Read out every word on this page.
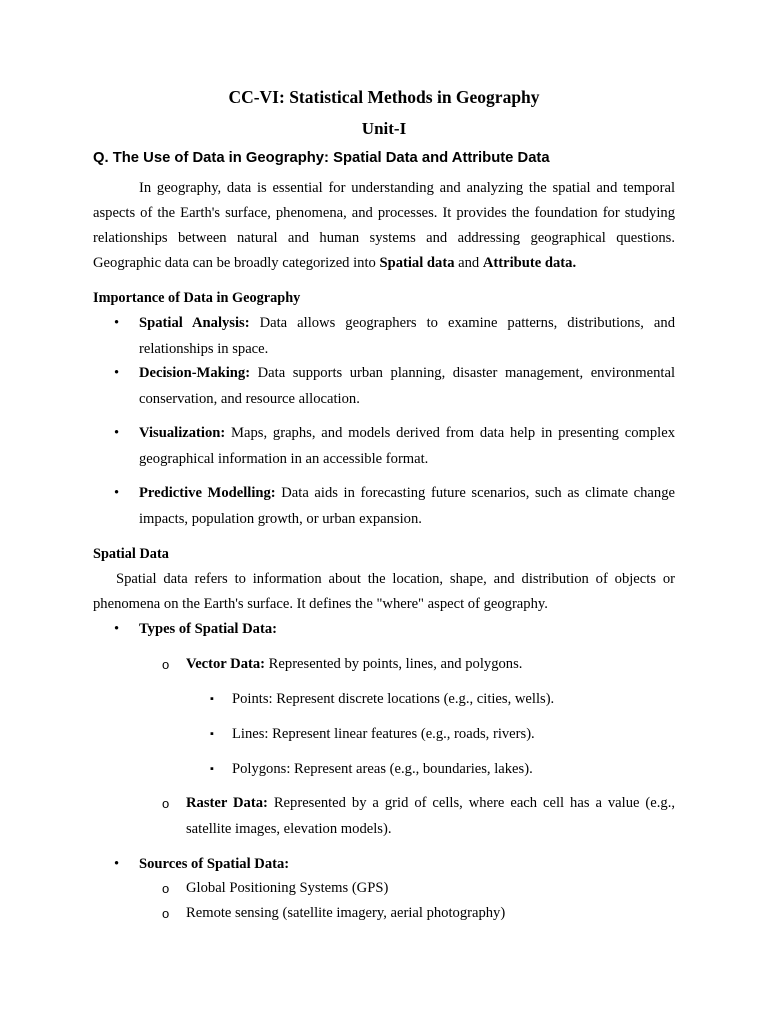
CC-VI: Statistical Methods in Geography
Unit-I
Q. The Use of Data in Geography: Spatial Data and Attribute Data

In geography, data is essential for understanding and analyzing the spatial and temporal aspects of the Earth's surface, phenomena, and processes. It provides the foundation for studying relationships between natural and human systems and addressing geographical questions. Geographic data can be broadly categorized into Spatial data and Attribute data.

Importance of Data in Geography
• Spatial Analysis: Data allows geographers to examine patterns, distributions, and relationships in space.
• Decision-Making: Data supports urban planning, disaster management, environmental conservation, and resource allocation.
• Visualization: Maps, graphs, and models derived from data help in presenting complex geographical information in an accessible format.
• Predictive Modelling: Data aids in forecasting future scenarios, such as climate change impacts, population growth, or urban expansion.
Spatial Data

Spatial data refers to information about the location, shape, and distribution of objects or phenomena on the Earth's surface. It defines the "where" aspect of geography.

• Types of Spatial Data:
o Vector Data: Represented by points, lines, and polygons.
▪ Points: Represent discrete locations (e.g., cities, wells).
▪ Lines: Represent linear features (e.g., roads, rivers).
▪ Polygons: Represent areas (e.g., boundaries, lakes).
o Raster Data: Represented by a grid of cells, where each cell has a value (e.g., satellite images, elevation models).
• Sources of Spatial Data:
o Global Positioning Systems (GPS)
o Remote sensing (satellite imagery, aerial photography)
